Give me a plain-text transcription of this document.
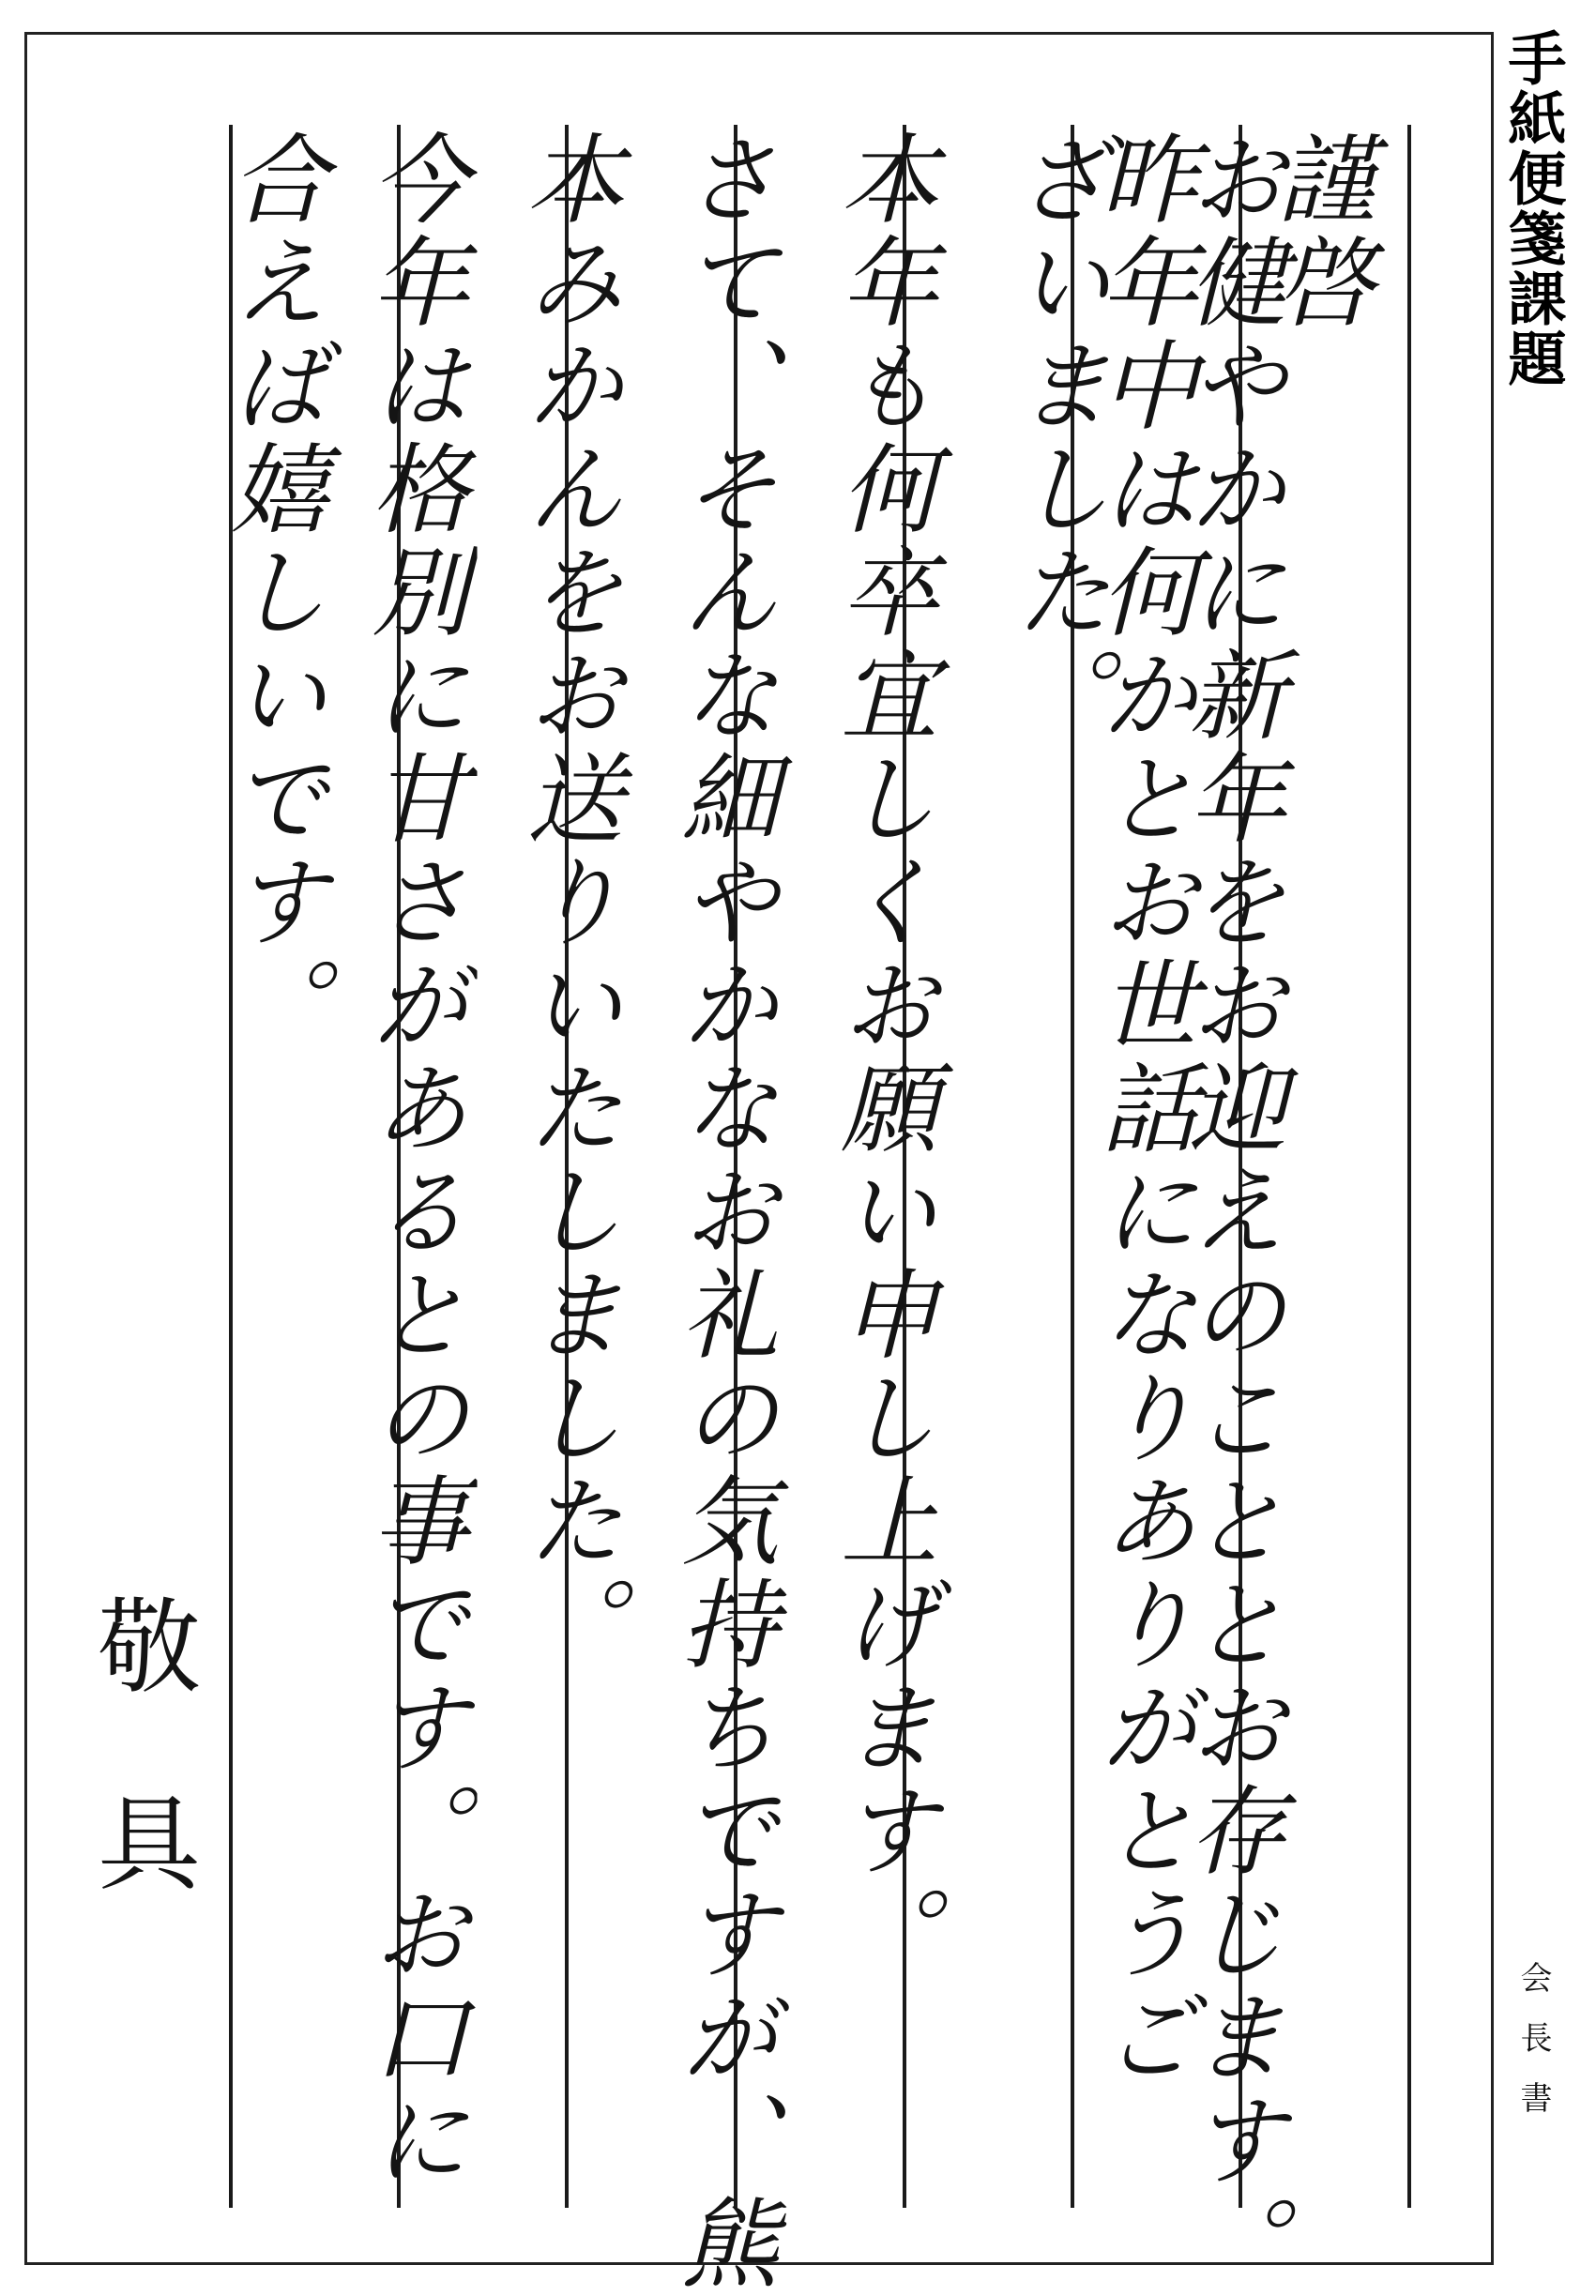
謹啓
お健やかに新年をお迎えのこととお存じます。
昨年中は何かとお世話になりありがとうご
ざいました。
本年も何卒宜しくお願い申し上げます。
さて、そんな細やかなお礼の気持ちですが、熊
本みかんをお送りいたしました。
今年は格別に甘さがあるとの事です。お口に
合えば嬉しいです。
敬具
手紙便箋課題
会長書
